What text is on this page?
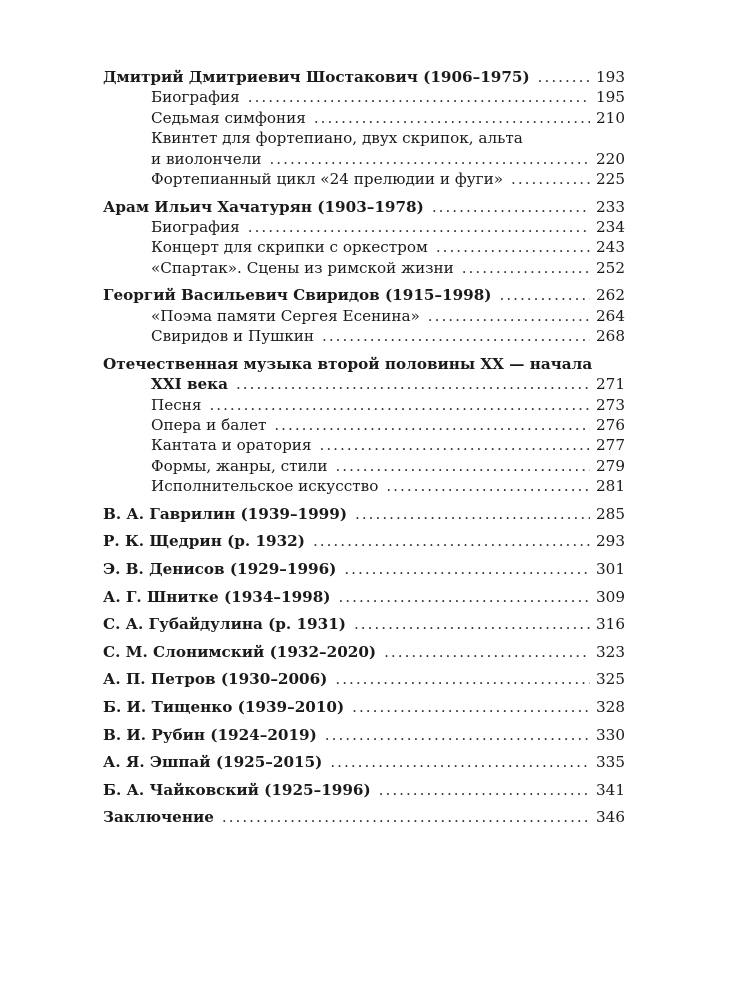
Дмитрий Дмитриевич Шостакович (1906–1975) .....	193
Биография .....	195
Седьмая симфония .....	210
Квинтет для фортепиано, двух скрипок, альта
и виолончели .....	220
Фортепианный цикл «24 прелюдии и фуги» .....	225
Арам Ильич Хачатурян (1903–1978) .....	233
Биография .....	234
Концерт для скрипки с оркестром .....	243
«Спартак». Сцены из римской жизни .....	252
Георгий Васильевич Свиридов (1915–1998) .....	262
«Поэма памяти Сергея Есенина» .....	264
Свиридов и Пушкин .....	268
Отечественная музыка второй половины XX — начала
XXI века .....	271
Песня .....	273
Опера и балет .....	276
Кантата и оратория .....	277
Формы, жанры, стили .....	279
Исполнительское искусство .....	281
В. А. Гаврилин (1939–1999) .....	285
Р. К. Щедрин (р. 1932) .....	293
Э. В. Денисов (1929–1996) .....	301
А. Г. Шнитке (1934–1998) .....	309
С. А. Губайдулина (р. 1931) .....	316
С. М. Слонимский (1932–2020) .....	323
А. П. Петров (1930–2006) .....	325
Б. И. Тищенко (1939–2010) .....	328
В. И. Рубин (1924–2019) .....	330
А. Я. Эшпай (1925–2015) .....	335
Б. А. Чайковский (1925–1996) .....	341
Заключение .....	346
